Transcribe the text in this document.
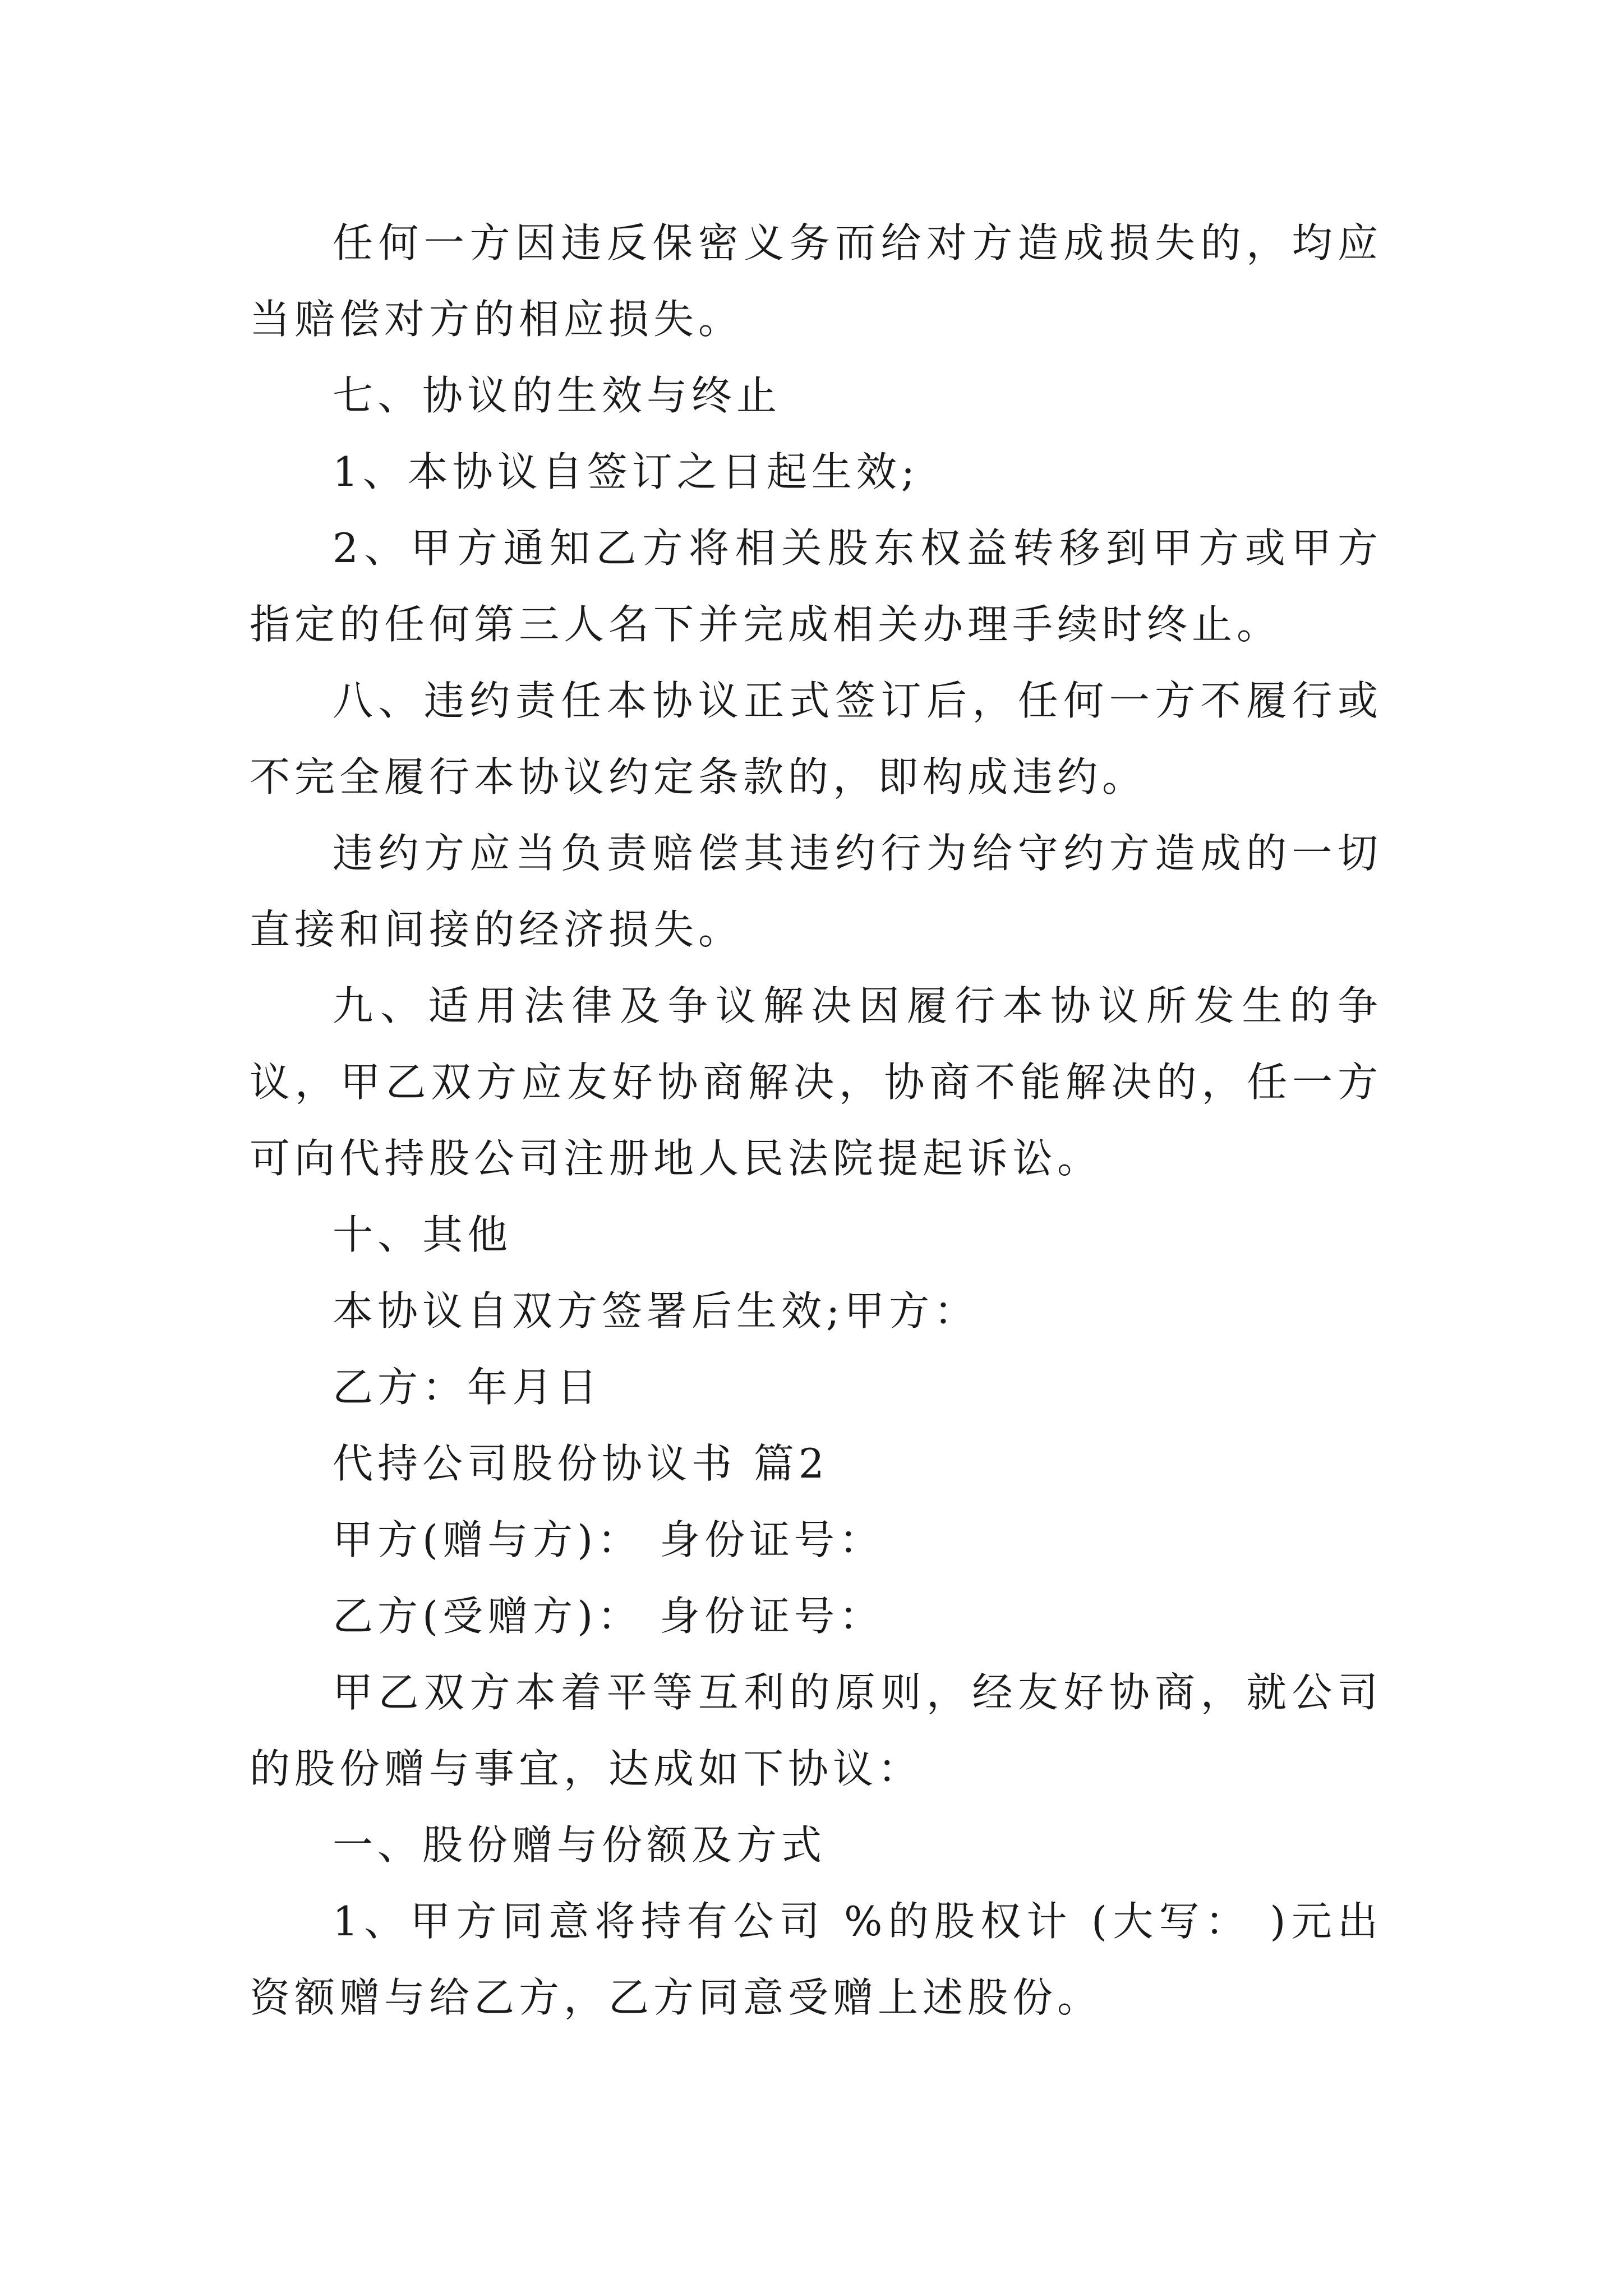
任何一方因违反保密义务而给对方造成损失的，均应当赔偿对方的相应损失。

七、协议的生效与终止

1、本协议自签订之日起生效;

2、甲方通知乙方将相关股东权益转移到甲方或甲方指定的任何第三人名下并完成相关办理手续时终止。

八、违约责任本协议正式签订后，任何一方不履行或不完全履行本协议约定条款的，即构成违约。

违约方应当负责赔偿其违约行为给守约方造成的一切直接和间接的经济损失。

九、适用法律及争议解决因履行本协议所发生的争议，甲乙双方应友好协商解决，协商不能解决的，任一方可向代持股公司注册地人民法院提起诉讼。

十、其他

本协议自双方签署后生效;甲方：

乙方：年月日

代持公司股份协议书 篇2

甲方(赠与方)： 身份证号：

乙方(受赠方)： 身份证号：

甲乙双方本着平等互利的原则，经友好协商，就公司的股份赠与事宜，达成如下协议：

一、股份赠与份额及方式

1、甲方同意将持有公司 %的股权计 (大写： )元出资额赠与给乙方，乙方同意受赠上述股份。
